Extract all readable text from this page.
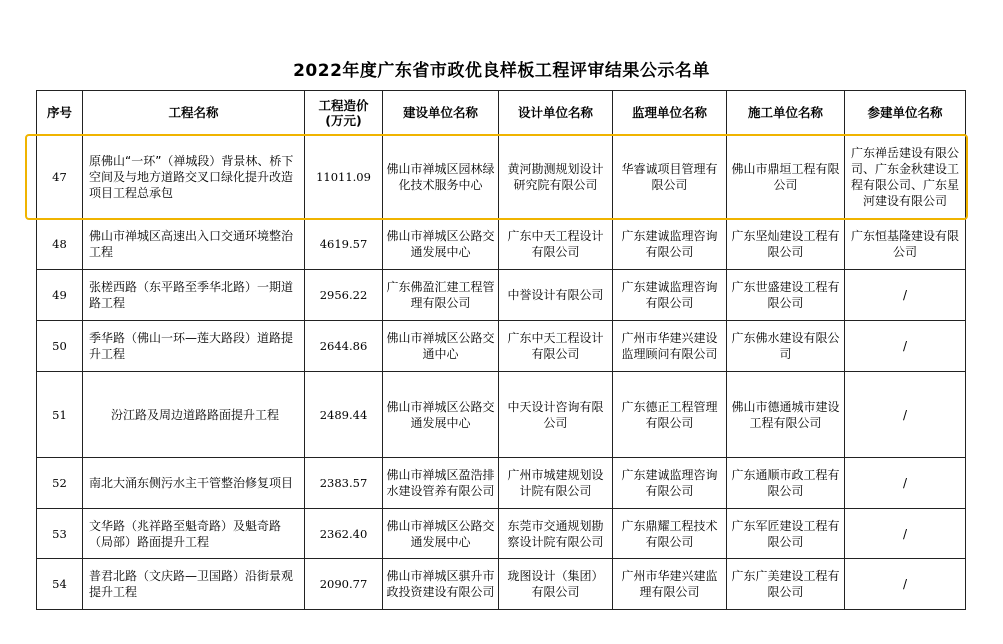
2022年度广东省市政优良样板工程评审结果公示名单
序号	工程名称	工程造价
(万元)	建设单位名称	设计单位名称	监理单位名称	施工单位名称	参建单位名称
47	原佛山“一环”（禅城段）背景林、桥下空间及与地方道路交叉口绿化提升改造项目工程总承包	11011.09	佛山市禅城区园林绿化技术服务中心	黄河勘测规划设计研究院有限公司	华睿诚项目管理有限公司	佛山市鼎垣工程有限公司	广东禅岳建设有限公司、广东金秋建设工程有限公司、广东星河建设有限公司
48	佛山市禅城区高速出入口交通环境整治工程	4619.57	佛山市禅城区公路交通发展中心	广东中天工程设计有限公司	广东建诚监理咨询有限公司	广东坚灿建设工程有限公司	广东恒基隆建设有限公司
49	张槎西路（东平路至季华北路）一期道路工程	2956.22	广东佛盈汇建工程管理有限公司	中誉设计有限公司	广东建诚监理咨询有限公司	广东世盛建设工程有限公司	/
50	季华路（佛山一环—莲大路段）道路提升工程	2644.86	佛山市禅城区公路交通中心	广东中天工程设计有限公司	广州市华建兴建设监理顾问有限公司	广东佛水建设有限公司	/
51	汾江路及周边道路路面提升工程	2489.44	佛山市禅城区公路交通发展中心	中天设计咨询有限公司	广东德正工程管理有限公司	佛山市德通城市建设工程有限公司	/
52	南北大涌东侧污水主干管整治修复项目	2383.57	佛山市禅城区盈浩排水建设管养有限公司	广州市城建规划设计院有限公司	广东建诚监理咨询有限公司	广东通顺市政工程有限公司	/
53	文华路（兆祥路至魁奇路）及魁奇路（局部）路面提升工程	2362.40	佛山市禅城区公路交通发展中心	东莞市交通规划勘察设计院有限公司	广东鼎耀工程技术有限公司	广东军匠建设工程有限公司	/
54	普君北路（文庆路—卫国路）沿街景观提升工程	2090.77	佛山市禅城区骐升市政投资建设有限公司	珑图设计（集团）有限公司	广州市华建兴建监理有限公司	广东广美建设工程有限公司	/
